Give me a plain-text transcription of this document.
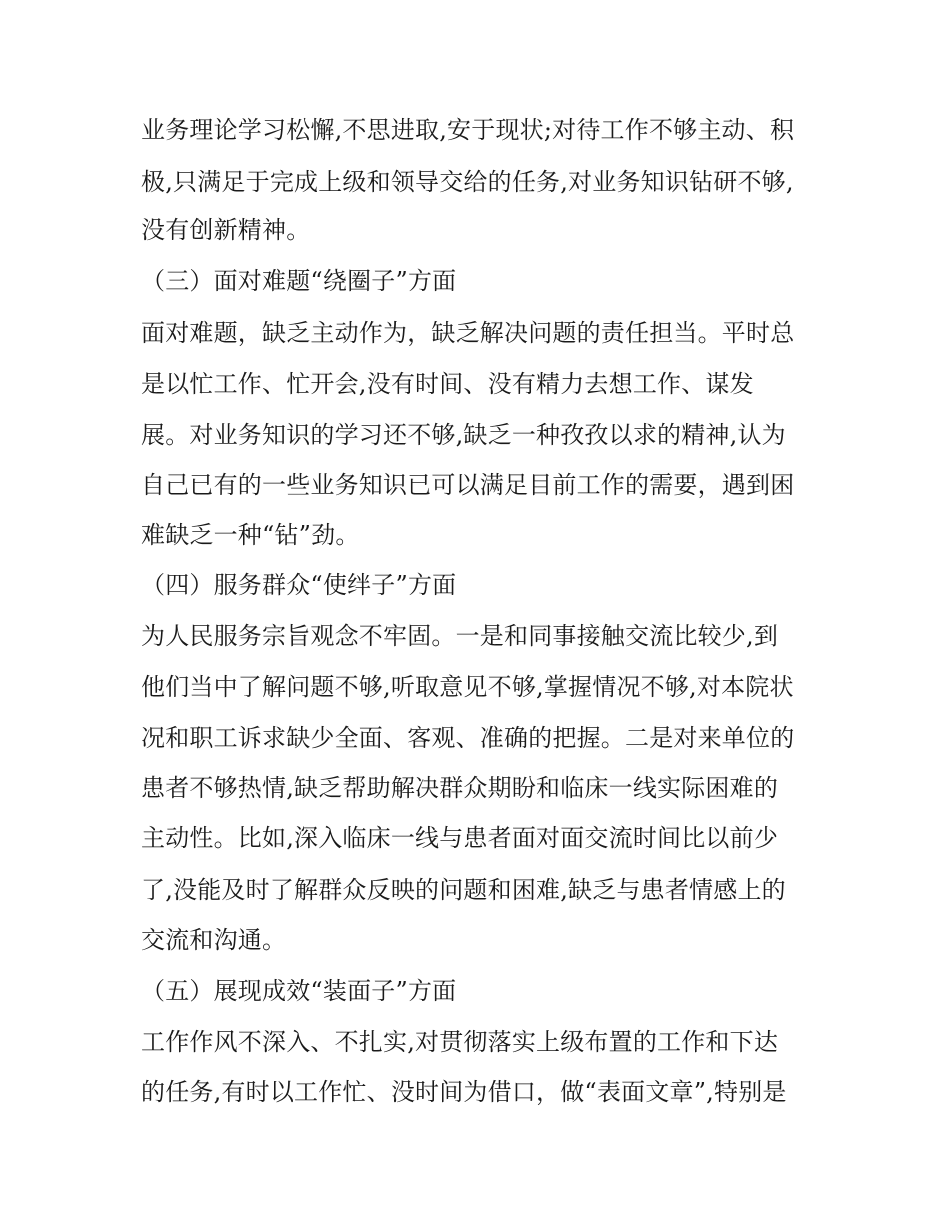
业务理论学习松懈,不思进取,安于现状;对待工作不够主动、积
极,只满足于完成上级和领导交给的任务,对业务知识钻研不够,
没有创新精神。
（三）面对难题“绕圈子”方面
面对难题，缺乏主动作为，缺乏解决问题的责任担当。平时总
是以忙工作、忙开会,没有时间、没有精力去想工作、谋发
展。对业务知识的学习还不够,缺乏一种孜孜以求的精神,认为
自己已有的一些业务知识已可以满足目前工作的需要，遇到困
难缺乏一种“钻”劲。
（四）服务群众“使绊子”方面
为人民服务宗旨观念不牢固。一是和同事接触交流比较少,到
他们当中了解问题不够,听取意见不够,掌握情况不够,对本院状
况和职工诉求缺少全面、客观、准确的把握。二是对来单位的
患者不够热情,缺乏帮助解决群众期盼和临床一线实际困难的
主动性。比如,深入临床一线与患者面对面交流时间比以前少
了,没能及时了解群众反映的问题和困难,缺乏与患者情感上的
交流和沟通。
（五）展现成效“装面子”方面
工作作风不深入、不扎实,对贯彻落实上级布置的工作和下达
的任务,有时以工作忙、没时间为借口，做“表面文章”,特别是
